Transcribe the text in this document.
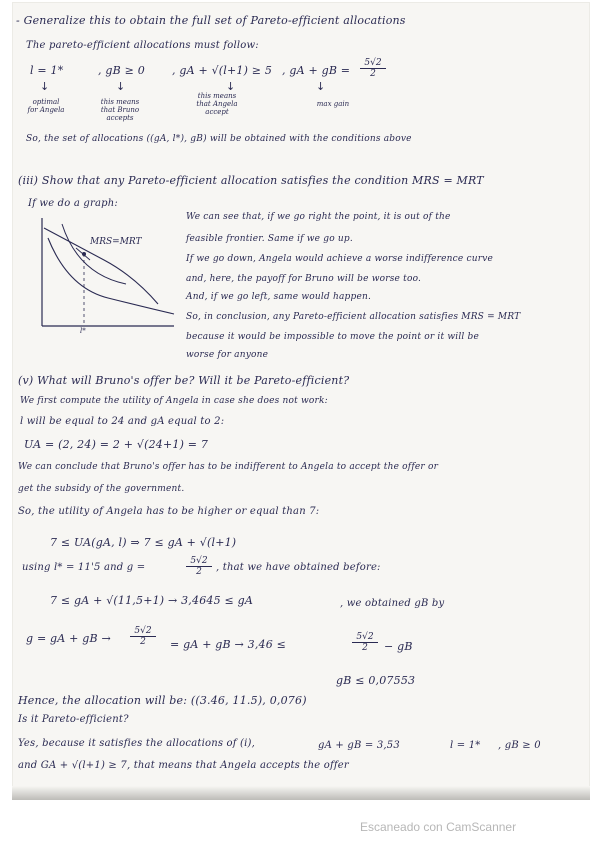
- Generalize this to obtain the full set of Pareto-efficient allocations
The pareto-efficient allocations must follow:
l = 1*	, gB ≥ 0 , gA + √(l+1) ≥ 5 , gA + gB = $\frac{5√2}{2}$
↓	↓	↓	↓
optimal
for Angela
this means
that Bruno
accepts
this means
that Angela
accept
max gain
So, the set of allocations ((gA, l*), gB) will be obtained with the conditions above
(iii) Show that any Pareto-efficient allocation satisfies the condition MRS = MRT
If we do a graph:
MRS=MRT
l*
We can see that, if we go right the point, it is out of the
feasible frontier. Same if we go up.
If we go down, Angela would achieve a worse indifference curve
and, here, the payoff for Bruno will be worse too.
And, if we go left, same would happen.
So, in conclusion, any Pareto-efficient allocation satisfies MRS = MRT
because it would be impossible to move the point or it will be
worse for anyone
(v) What will Bruno's offer be? Will it be Pareto-efficient?
We first compute the utility of Angela in case she does not work:
l will be equal to 24 and gA equal to 2:
UA = (2, 24) = 2 + √(24+1) = 7
We can conclude that Bruno's offer has to be indifferent to Angela to accept the offer or
get the subsidy of the government.
So, the utility of Angela has to be higher or equal than 7:
7 ≤ UA(gA, l) ⇒ 7 ≤ gA + √(l+1)
using l* = 11'5 and g =	$\frac{5√2}{2}$ , that we have obtained before:
7 ≤ gA + √(11,5+1) → 3,4645 ≤ gA	, we obtained gB by
g = gA + gB → $\frac{5√2}{2}$ = gA + gB → 3,46 ≤	$\frac{5√2}{2}$ − gB
gB ≤ 0,07553
Hence, the allocation will be: ((3.46, 11.5), 0,076)
Is it Pareto-efficient?
Yes, because it satisfies the allocations of (i),	gA + gB = 3,53	l = 1* , gB ≥ 0
and GA + √(l+1) ≥ 7, that means that Angela accepts the offer
Escaneado con CamScanner
